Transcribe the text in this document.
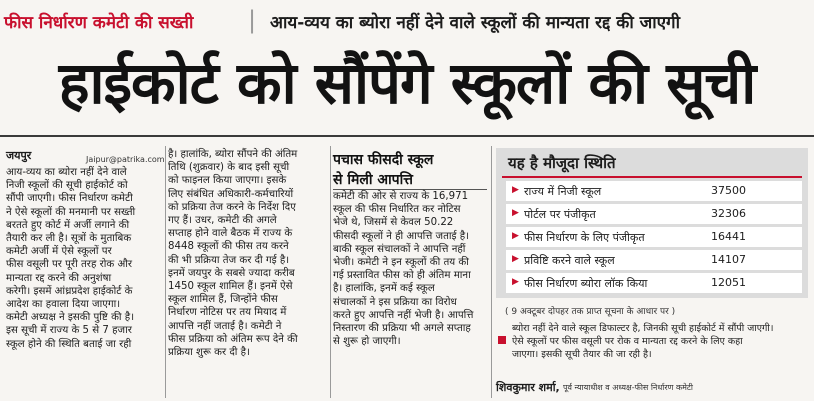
फीस निर्धारण कमेटी की सख्ती | आय-व्यय का ब्योरा नहीं देने वाले स्कूलों की मान्यता रद्द की जाएगी
हाईकोर्ट को सौंपेंगे स्कूलों की सूची
जयपुर	Jaipur@patrika.com

आय-व्यय का ब्योरा नहीं देने वाले

निजी स्कूलों की सूची हाईकोर्ट को

सौंपी जाएगी। फीस निर्धारण कमेटी

ने ऐसे स्कूलों की मनमानी पर सख्ती

बरतते हुए कोर्ट में अर्जी लगाने की

तैयारी कर ली है। सूत्रों के मुताबिक

कमेटी अर्जी में ऐसे स्कूलों पर

फीस वसूली पर पूरी तरह रोक और

मान्यता रद्द करने की अनुशंषा

करेगी। इसमें आंध्रप्रदेश हाईकोर्ट के

आदेश का हवाला दिया जाएगा।

कमेटी अध्यक्ष ने इसकी पुष्टि की है।

इस सूची में राज्य के 5 से 7 हजार

स्कूल होने की स्थिति बताई जा रही

है। हालांकि, ब्योरा सौंपने की अंतिम

तिथि (शुक्रवार) के बाद इसी सूची

को फाइनल किया जाएगा। इसके

लिए संबंधित अधिकारी-कर्मचारियों

को प्रक्रिया तेज करने के निर्देश दिए

गए हैं। उधर, कमेटी की अगले

सप्ताह होने वाले बैठक में राज्य के

8448 स्कूलों की फीस तय करने

की भी प्रक्रिया तेज कर दी गई है।

इनमें जयपुर के सबसे ज्यादा करीब

1450 स्कूल शामिल हैं। इनमें ऐसे

स्कूल शामिल हैं, जिन्होंने फीस

निर्धारण नोटिस पर तय मियाद में

आपत्ति नहीं जताई है। कमेटी ने

फीस प्रक्रिया को अंतिम रूप देने की

प्रक्रिया शुरू कर दी है।

पचास फीसदी स्कूल
से मिली आपत्ति

कमेटी की ओर से राज्य के 16,971

स्कूल की फीस निर्धारित कर नोटिस

भेजे थे, जिसमें से केवल 50.22

फीसदी स्कूलों ने ही आपत्ति जताई है।

बाकी स्कूल संचालकों ने आपत्ति नहीं

भेजी। कमेटी ने इन स्कूलों की तय की

गई प्रस्तावित फीस को ही अंतिम माना

है। हालांकि, इनमें कई स्कूल

संचालकों ने इस प्रक्रिया का विरोध

करते हुए आपत्ति नहीं भेजी है। आपत्ति

निस्तारण की प्रक्रिया भी अगले सप्ताह

से शुरू हो जाएगी।

यह है मौजूदा स्थिति
▶ राज्य में निजी स्कूल	37500
▶ पोर्टल पर पंजीकृत	32306
▶ फीस निर्धारण के लिए पंजीकृत	16441
▶ प्रविष्टि करने वाले स्कूल	14107
▶ फीस निर्धारण ब्योरा लॉक किया	12051
( 9 अक्टूबर दोपहर तक प्राप्त सूचना के आधार पर )
ब्योरा नहीं देने वाले स्कूल डिफाल्टर है, जिनकी सूची हाईकोर्ट में सौंपी जाएगी।
ऐसे स्कूलों पर फीस वसूली पर रोक व मान्यता रद्द करने के लिए कहा
जाएगा। इसकी सूची तैयार की जा रही है।
शिवकुमार शर्मा, पूर्व न्यायाधीश व अध्यक्ष-फीस निर्धारण कमेटी
